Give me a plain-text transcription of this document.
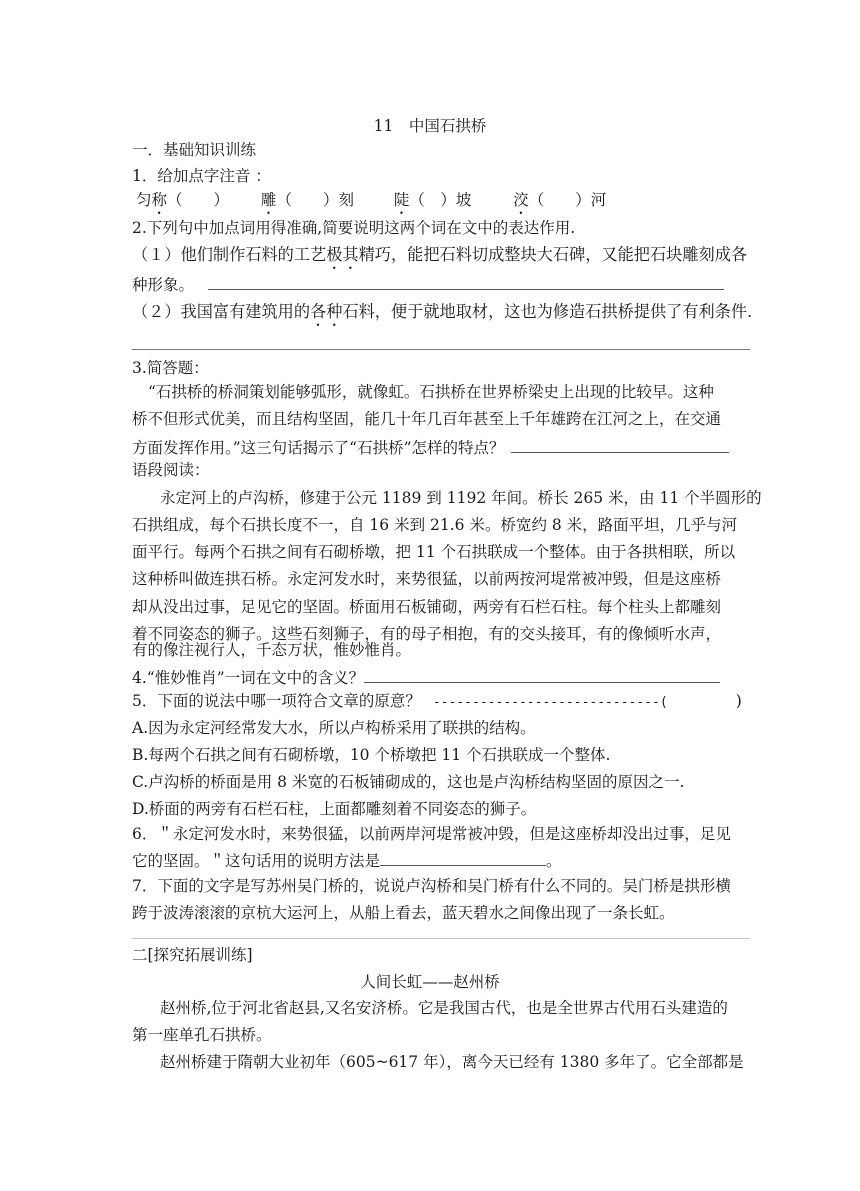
11　中国石拱桥
一．基础知识训练
1．给加点字注音 ：
匀称（　　） 雕（　　）刻	陡（　）坡	洨（　　）河
2.下列句中加点词用得准确,简要说明这两个词在文中的表达作用.
（１）他们制作石料的工艺极其精巧，能把石料切成整块大石碑，又能把石块雕刻成各
种形象。
（２）我国富有建筑用的各种石料，便于就地取材，这也为修造石拱桥提供了有利条件.
3.简答题：
“石拱桥的桥洞策划能够弧形，就像虹。石拱桥在世界桥梁史上出现的比较早。这种
桥不但形式优美，而且结构坚固，能几十年几百年甚至上千年雄跨在江河之上，在交通
方面发挥作用。”这三句话揭示了“石拱桥”怎样的特点？
语段阅读：
永定河上的卢沟桥，修建于公元 1189 到 1192 年间。桥长 265 米，由 11 个半圆形的
石拱组成，每个石拱长度不一，自 16 米到 21.6 米。桥宽约 8 米，路面平坦，几乎与河
面平行。每两个石拱之间有石砌桥墩，把 11 个石拱联成一个整体。由于各拱相联，所以
这种桥叫做连拱石桥。永定河发水时，来势很猛，以前两按河堤常被冲毁，但是这座桥
却从没出过事，足见它的坚固。桥面用石板铺砌，两旁有石栏石柱。每个柱头上都雕刻
着不同姿态的狮子。这些石刻狮子，有的母子相抱，有的交头接耳，有的像倾听水声，
有的像注视行人，千态万状，惟妙惟肖。
4.“惟妙惟肖”一词在文中的含义？
5．下面的说法中哪一项符合文章的原意？ -----------------------------(	)
A.因为永定河经常发大水，所以卢构桥采用了联拱的结构。
B.每两个石拱之间有石砌桥墩，10 个桥墩把 11 个石拱联成一个整体.
C.卢沟桥的桥面是用 8 米宽的石板铺砌成的，这也是卢沟桥结构坚固的原因之一.
D.桥面的两旁有石栏石柱，上面都雕刻着不同姿态的狮子。
6．＂永定河发水时，来势很猛，以前两岸河堤常被冲毁，但是这座桥却没出过事，足见
它的坚固。＂这句话用的说明方法是	。
7．下面的文字是写苏州吴门桥的，说说卢沟桥和吴门桥有什么不同的。吴门桥是拱形横
跨于波涛滚滚的京杭大运河上，从船上看去，蓝天碧水之间像出现了一条长虹。
二[探究拓展训练]
人间长虹——赵州桥
赵州桥,位于河北省赵县,又名安济桥。它是我国古代，也是全世界古代用石头建造的
第一座单孔石拱桥。
赵州桥建于隋朝大业初年（605~617 年），离今天已经有 1380 多年了。它全部都是
